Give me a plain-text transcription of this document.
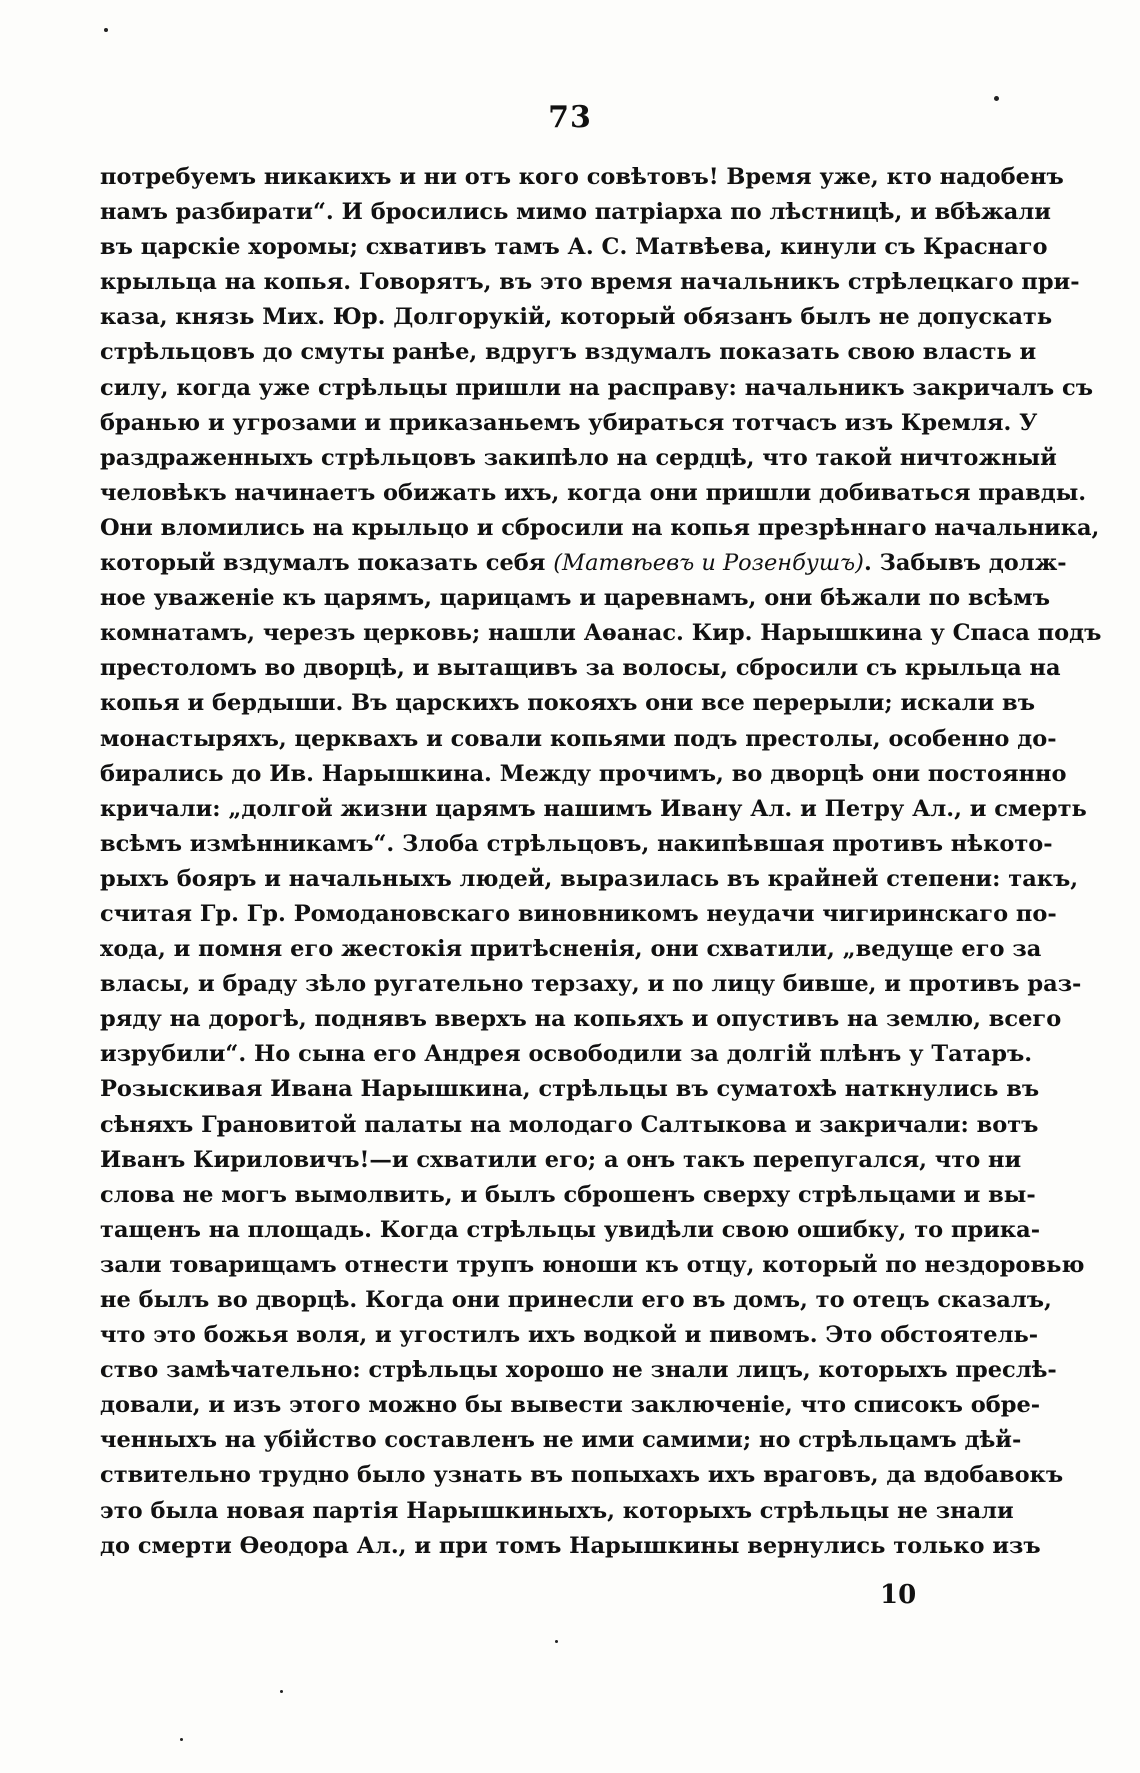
73
потребуемъ никакихъ и ни отъ кого совѣтовъ! Время уже, кто надобенъ
намъ разбирати“. И бросились мимо патріарха по лѣстницѣ, и вбѣжали
въ царскіе хоромы; схвативъ тамъ А. С. Матвѣева, кинули съ Краснаго
крыльца на копья. Говорятъ, въ это время начальникъ стрѣлецкаго при-
каза, князь Мих. Юр. Долгорукій, который обязанъ былъ не допускать
стрѣльцовъ до смуты ранѣе, вдругъ вздумалъ показать свою власть и
силу, когда уже стрѣльцы пришли на расправу: начальникъ закричалъ съ
бранью и угрозами и приказаньемъ убираться тотчасъ изъ Кремля. У
раздраженныхъ стрѣльцовъ закипѣло на сердцѣ, что такой ничтожный
человѣкъ начинаетъ обижать ихъ, когда они пришли добиваться правды.
Они вломились на крыльцо и сбросили на копья презрѣннаго начальника,
который вздумалъ показать себя (Матвѣевъ и Розенбушъ). Забывъ долж-
ное уваженіе къ царямъ, царицамъ и царевнамъ, они бѣжали по всѣмъ
комнатамъ, черезъ церковь; нашли Аѳанас. Кир. Нарышкина у Спаса подъ
престоломъ во дворцѣ, и вытащивъ за волосы, сбросили съ крыльца на
копья и бердыши. Въ царскихъ покояхъ они все перерыли; искали въ
монастыряхъ, церквахъ и совали копьями подъ престолы, особенно до-
бирались до Ив. Нарышкина. Между прочимъ, во дворцѣ они постоянно
кричали: „долгой жизни царямъ нашимъ Ивану Ал. и Петру Ал., и смерть
всѣмъ измѣнникамъ“. Злоба стрѣльцовъ, накипѣвшая противъ нѣкото-
рыхъ бояръ и начальныхъ людей, выразилась въ крайней степени: такъ,
считая Гр. Гр. Ромодановскаго виновникомъ неудачи чигиринскаго по-
хода, и помня его жестокія притѣсненія, они схватили, „ведуще его за
власы, и браду зѣло ругательно терзаху, и по лицу бивше, и противъ раз-
ряду на дорогѣ, поднявъ вверхъ на копьяхъ и опустивъ на землю, всего
изрубили“. Но сына его Андрея освободили за долгій плѣнъ у Татаръ.
Розыскивая Ивана Нарышкина, стрѣльцы въ суматохѣ наткнулись въ
сѣняхъ Грановитой палаты на молодаго Салтыкова и закричали: вотъ
Иванъ Кириловичъ!—и схватили его; а онъ такъ перепугался, что ни
слова не могъ вымолвить, и былъ сброшенъ сверху стрѣльцами и вы-
тащенъ на площадь. Когда стрѣльцы увидѣли свою ошибку, то прика-
зали товарищамъ отнести трупъ юноши къ отцу, который по нездоровью
не былъ во дворцѣ. Когда они принесли его въ домъ, то отецъ сказалъ,
что это божья воля, и угостилъ ихъ водкой и пивомъ. Это обстоятель-
ство замѣчательно: стрѣльцы хорошо не знали лицъ, которыхъ преслѣ-
довали, и изъ этого можно бы вывести заключеніе, что списокъ обре-
ченныхъ на убійство составленъ не ими самими; но стрѣльцамъ дѣй-
ствительно трудно было узнать въ попыхахъ ихъ враговъ, да вдобавокъ
это была новая партія Нарышкиныхъ, которыхъ стрѣльцы не знали
до смерти Ѳеодора Ал., и при томъ Нарышкины вернулись только изъ
10
